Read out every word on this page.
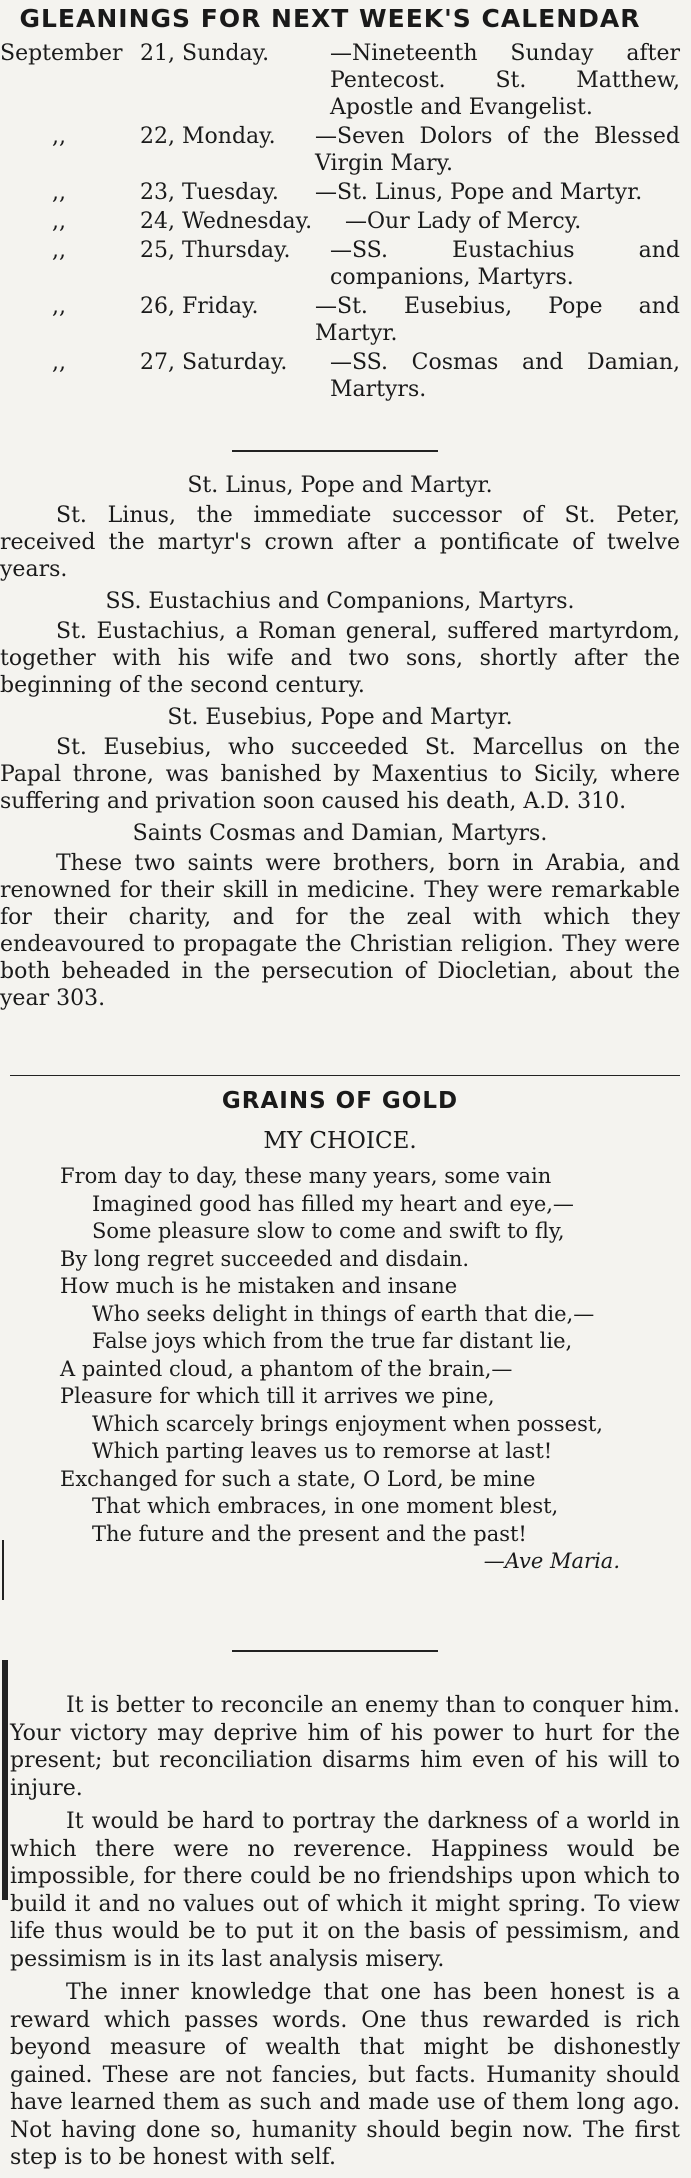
GLEANINGS FOR NEXT WEEK'S CALENDAR
September 21, Sunday.	—Nineteenth Sunday after Pentecost. St. Matthew, Apostle and Evangelist.
,,	22, Monday.	—Seven Dolors of the Blessed Virgin Mary.
,,	23, Tuesday.	—St. Linus, Pope and Martyr.
,,	24, Wednesday.	—Our Lady of Mercy.
,,	25, Thursday.	—SS. Eustachius and companions, Martyrs.
,,	26, Friday.	—St. Eusebius, Pope and Martyr.
,,	27, Saturday.	—SS. Cosmas and Damian, Martyrs.
St. Linus, Pope and Martyr.

St. Linus, the immediate successor of St. Peter, received the martyr's crown after a pontificate of twelve years.

SS. Eustachius and Companions, Martyrs.

St. Eustachius, a Roman general, suffered martyrdom, together with his wife and two sons, shortly after the beginning of the second century.

St. Eusebius, Pope and Martyr.

St. Eusebius, who succeeded St. Marcellus on the Papal throne, was banished by Maxentius to Sicily, where suffering and privation soon caused his death, A.D. 310.

Saints Cosmas and Damian, Martyrs.

These two saints were brothers, born in Arabia, and renowned for their skill in medicine. They were remarkable for their charity, and for the zeal with which they endeavoured to propagate the Christian religion. They were both beheaded in the persecution of Diocletian, about the year 303.

GRAINS OF GOLD
MY CHOICE.
From day to day, these many years, some vain
Imagined good has filled my heart and eye,—
Some pleasure slow to come and swift to fly,
By long regret succeeded and disdain.
How much is he mistaken and insane
Who seeks delight in things of earth that die,—
False joys which from the true far distant lie,
A painted cloud, a phantom of the brain,—
Pleasure for which till it arrives we pine,
Which scarcely brings enjoyment when possest,
Which parting leaves us to remorse at last!
Exchanged for such a state, O Lord, be mine
That which embraces, in one moment blest,
The future and the present and the past!
—Ave Maria.

It is better to reconcile an enemy than to conquer him. Your victory may deprive him of his power to hurt for the present; but reconciliation disarms him even of his will to injure.

It would be hard to portray the darkness of a world in which there were no reverence. Happiness would be impossible, for there could be no friendships upon which to build it and no values out of which it might spring. To view life thus would be to put it on the basis of pessimism, and pessimism is in its last analysis misery.

The inner knowledge that one has been honest is a reward which passes words. One thus rewarded is rich beyond measure of wealth that might be dishonestly gained. These are not fancies, but facts. Humanity should have learned them as such and made use of them long ago. Not having done so, humanity should begin now. The first step is to be honest with self.
